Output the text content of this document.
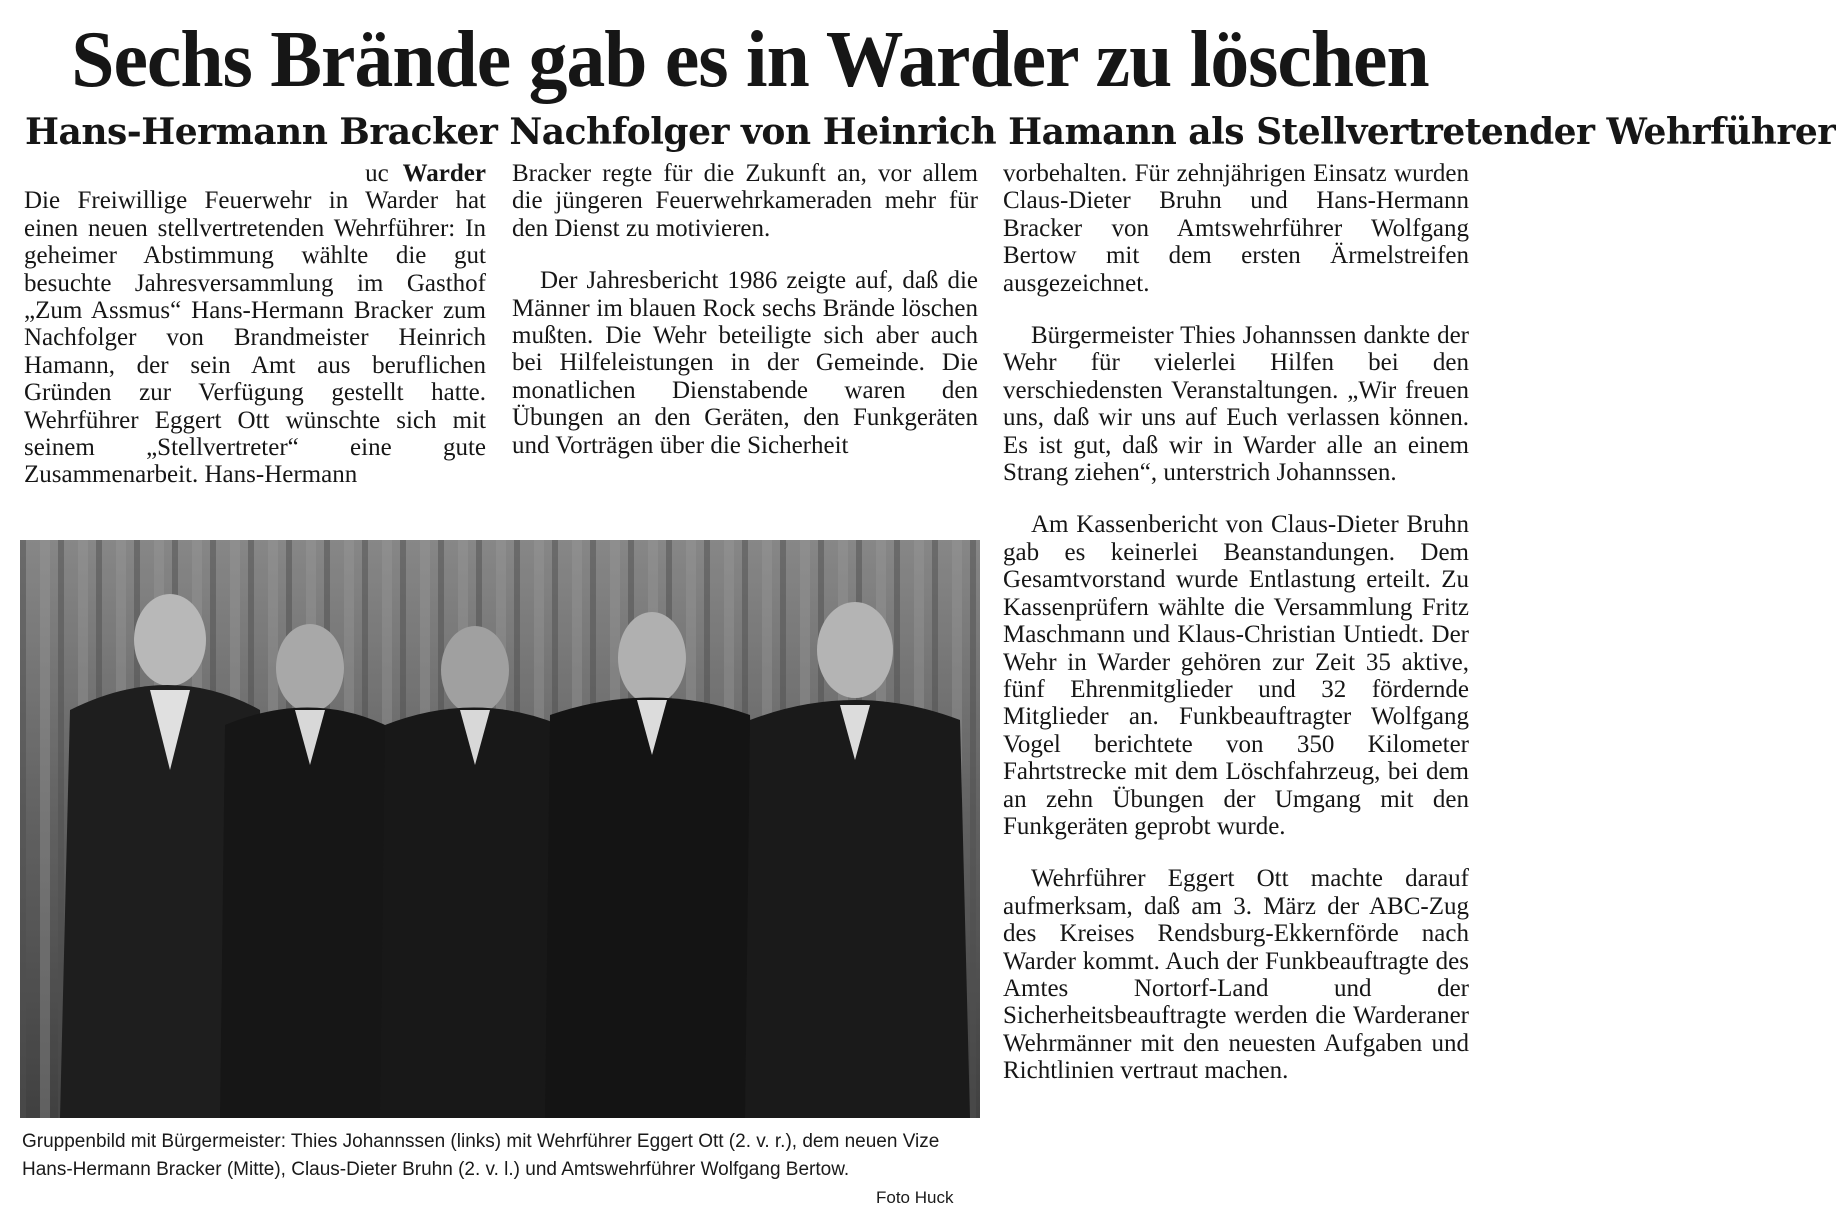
Sechs Brände gab es in Warder zu löschen
Hans-Hermann Bracker Nachfolger von Heinrich Hamann als Stellvertretender Wehrführer
uc Warder

Die Freiwillige Feuerwehr in Warder hat einen neuen stellvertretenden Wehrführer: In geheimer Abstimmung wählte die gut besuchte Jahresversammlung im Gasthof „Zum Assmus“ Hans-Hermann Bracker zum Nachfolger von Brandmeister Heinrich Hamann, der sein Amt aus beruflichen Gründen zur Verfügung gestellt hatte. Wehrführer Eggert Ott wünschte sich mit seinem „Stellvertreter“ eine gute Zusammenarbeit. Hans-Hermann

Bracker regte für die Zukunft an, vor allem die jüngeren Feuerwehrkameraden mehr für den Dienst zu motivieren.

Der Jahresbericht 1986 zeigte auf, daß die Männer im blauen Rock sechs Brände löschen mußten. Die Wehr beteiligte sich aber auch bei Hilfeleistungen in der Gemeinde. Die monatlichen Dienstabende waren den Übungen an den Geräten, den Funkgeräten und Vorträgen über die Sicherheit

vorbehalten. Für zehnjährigen Einsatz wurden Claus-Dieter Bruhn und Hans-Hermann Bracker von Amtswehrführer Wolfgang Bertow mit dem ersten Ärmelstreifen ausgezeichnet.

Bürgermeister Thies Johannssen dankte der Wehr für vielerlei Hilfen bei den verschiedensten Veranstaltungen. „Wir freuen uns, daß wir uns auf Euch verlassen können. Es ist gut, daß wir in Warder alle an einem Strang ziehen“, unterstrich Johannssen.

Am Kassenbericht von Claus-Dieter Bruhn gab es keinerlei Beanstandungen. Dem Gesamtvorstand wurde Entlastung erteilt. Zu Kassenprüfern wählte die Versammlung Fritz Maschmann und Klaus-Christian Untiedt. Der Wehr in Warder gehören zur Zeit 35 aktive, fünf Ehrenmitglieder und 32 fördernde Mitglieder an. Funkbeauftragter Wolfgang Vogel berichtete von 350 Kilometer Fahrtstrecke mit dem Löschfahrzeug, bei dem an zehn Übungen der Umgang mit den Funkgeräten geprobt wurde.

Wehrführer Eggert Ott machte darauf aufmerksam, daß am 3. März der ABC-Zug des Kreises Rendsburg-Ekkernförde nach Warder kommt. Auch der Funkbeauftragte des Amtes Nortorf-Land und der Sicherheitsbeauftragte werden die Warderaner Wehrmänner mit den neuesten Aufgaben und Richtlinien vertraut machen.

Gruppenbild mit Bürgermeister: Thies Johannssen (links) mit Wehrführer Eggert Ott (2. v. r.), dem neuen Vize Hans-Hermann Bracker (Mitte), Claus-Dieter Bruhn (2. v. l.) und Amtswehrführer Wolfgang Bertow.
Foto Huck
